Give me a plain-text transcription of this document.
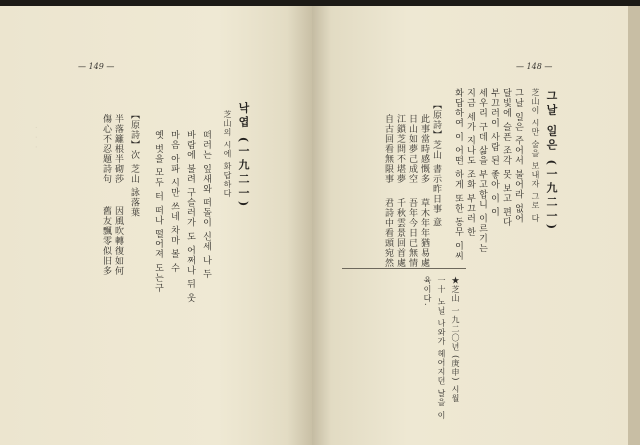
— 149 —
‧ ‧ ‧	낙엽 (一九二一)
芝山의 시에 화답하다
떠러는 잎새와 떠돌이 신세 나 두
바람에 불려 구슬러가 도 어쩌나 뒤 웃
마음 아파 시만 쓰네 차마 볼 수
옛 벗을 모두 터 떠나 떨어져 도는구
【原詩】次 芝山 詠落葉
半落籬根半砌莎
傷心不忍題詩句
因風吹轉復如何
舊友飄零似旧多
— 148 —
그날 일은 (一九二一)
芝山이 시만 술을 보내자 그로 다
그날 일은 주어서 불어라 없어
달빛에 슬픈 조각 못 보고 편다
부끄러이 사람 된 좋아 이 이
세우리 구데 삶을 부고합니 이르기는
지금 세가 지나도 조화 부끄러 한
화답하여 이 어떤 하게 또한 동무 이씨
【原詩】芝山 書示昨日事 意
此事當時感慨多
日山如夢己成空
江鎖芝問不堪夢
自古回看無限事
草木年年猶易處
吾年今日已無情
千秋雲景回首處
君詩中看頭宛然
★芝山 一九二〇년 (庚申) 시월
一十 노닐 나와가 헤어지던 날을 이
육이다.
